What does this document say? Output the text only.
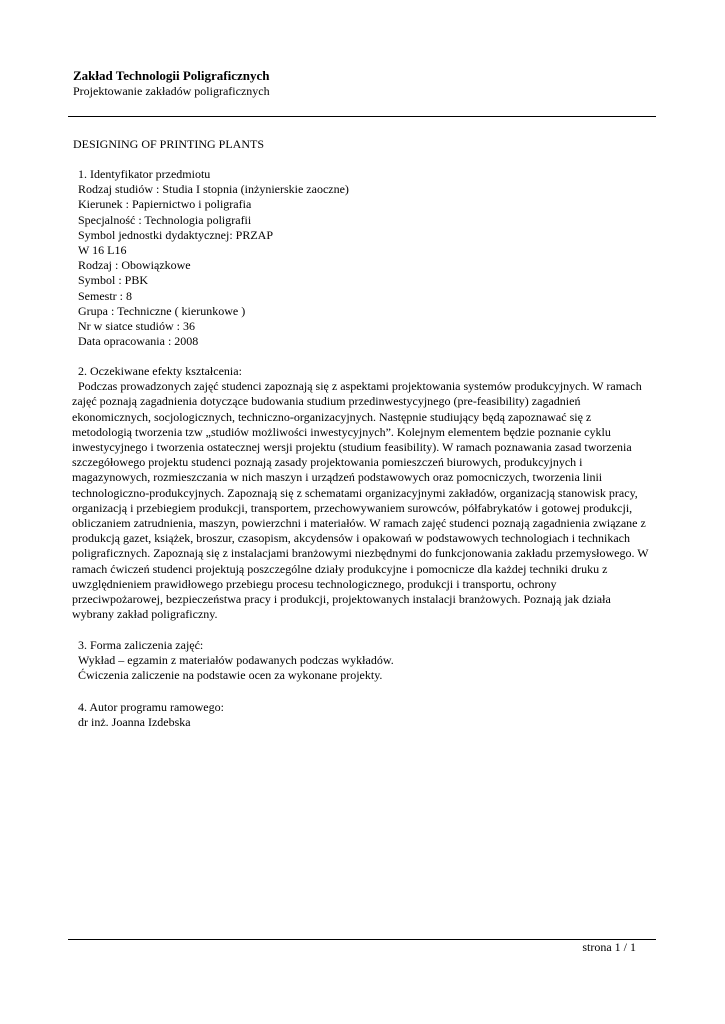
Zakład Technologii Poligraficznych
Projektowanie zakładów poligraficznych
DESIGNING OF PRINTING PLANTS
1. Identyfikator przedmiotu
Rodzaj studiów : Studia I stopnia (inżynierskie zaoczne)
Kierunek : Papiernictwo i poligrafia
Specjalność : Technologia poligrafii
Symbol jednostki dydaktycznej: PRZAP
W 16 L16
Rodzaj : Obowiązkowe
Symbol : PBK
Semestr : 8
Grupa : Techniczne ( kierunkowe )
Nr w siatce studiów : 36
Data opracowania : 2008
2. Oczekiwane efekty kształcenia:
Podczas prowadzonych zajęć studenci zapoznają się z aspektami projektowania systemów produkcyjnych. W ramach
zajęć poznają zagadnienia dotyczące budowania studium przedinwestycyjnego (pre-feasibility) zagadnień
ekonomicznych, socjologicznych, techniczno-organizacyjnych. Następnie studiujący będą zapoznawać się z
metodologią tworzenia tzw „studiów możliwości inwestycyjnych”. Kolejnym elementem będzie poznanie cyklu
inwestycyjnego i tworzenia ostatecznej wersji projektu (studium feasibility). W ramach poznawania zasad tworzenia
szczegółowego projektu studenci poznają zasady projektowania pomieszczeń biurowych, produkcyjnych i
magazynowych, rozmieszczania w nich maszyn i urządzeń podstawowych oraz pomocniczych, tworzenia linii
technologiczno-produkcyjnych. Zapoznają się z schematami organizacyjnymi zakładów, organizacją stanowisk pracy,
organizacją i przebiegiem produkcji, transportem, przechowywaniem surowców, półfabrykatów i gotowej produkcji,
obliczaniem zatrudnienia, maszyn, powierzchni i materiałów. W ramach zajęć studenci poznają zagadnienia związane z
produkcją gazet, książek, broszur, czasopism, akcydensów i opakowań w podstawowych technologiach i technikach
poligraficznych. Zapoznają się z instalacjami branżowymi niezbędnymi do funkcjonowania zakładu przemysłowego. W
ramach ćwiczeń studenci projektują poszczególne działy produkcyjne i pomocnicze dla każdej techniki druku z
uwzględnieniem prawidłowego przebiegu procesu technologicznego, produkcji i transportu, ochrony
przeciwpożarowej, bezpieczeństwa pracy i produkcji, projektowanych instalacji branżowych. Poznają jak działa
wybrany zakład poligraficzny.
3. Forma zaliczenia zajęć:
Wykład – egzamin z materiałów podawanych podczas wykładów.
Ćwiczenia zaliczenie na podstawie ocen za wykonane projekty.
4. Autor programu ramowego:
dr inż. Joanna Izdebska
strona 1 / 1
